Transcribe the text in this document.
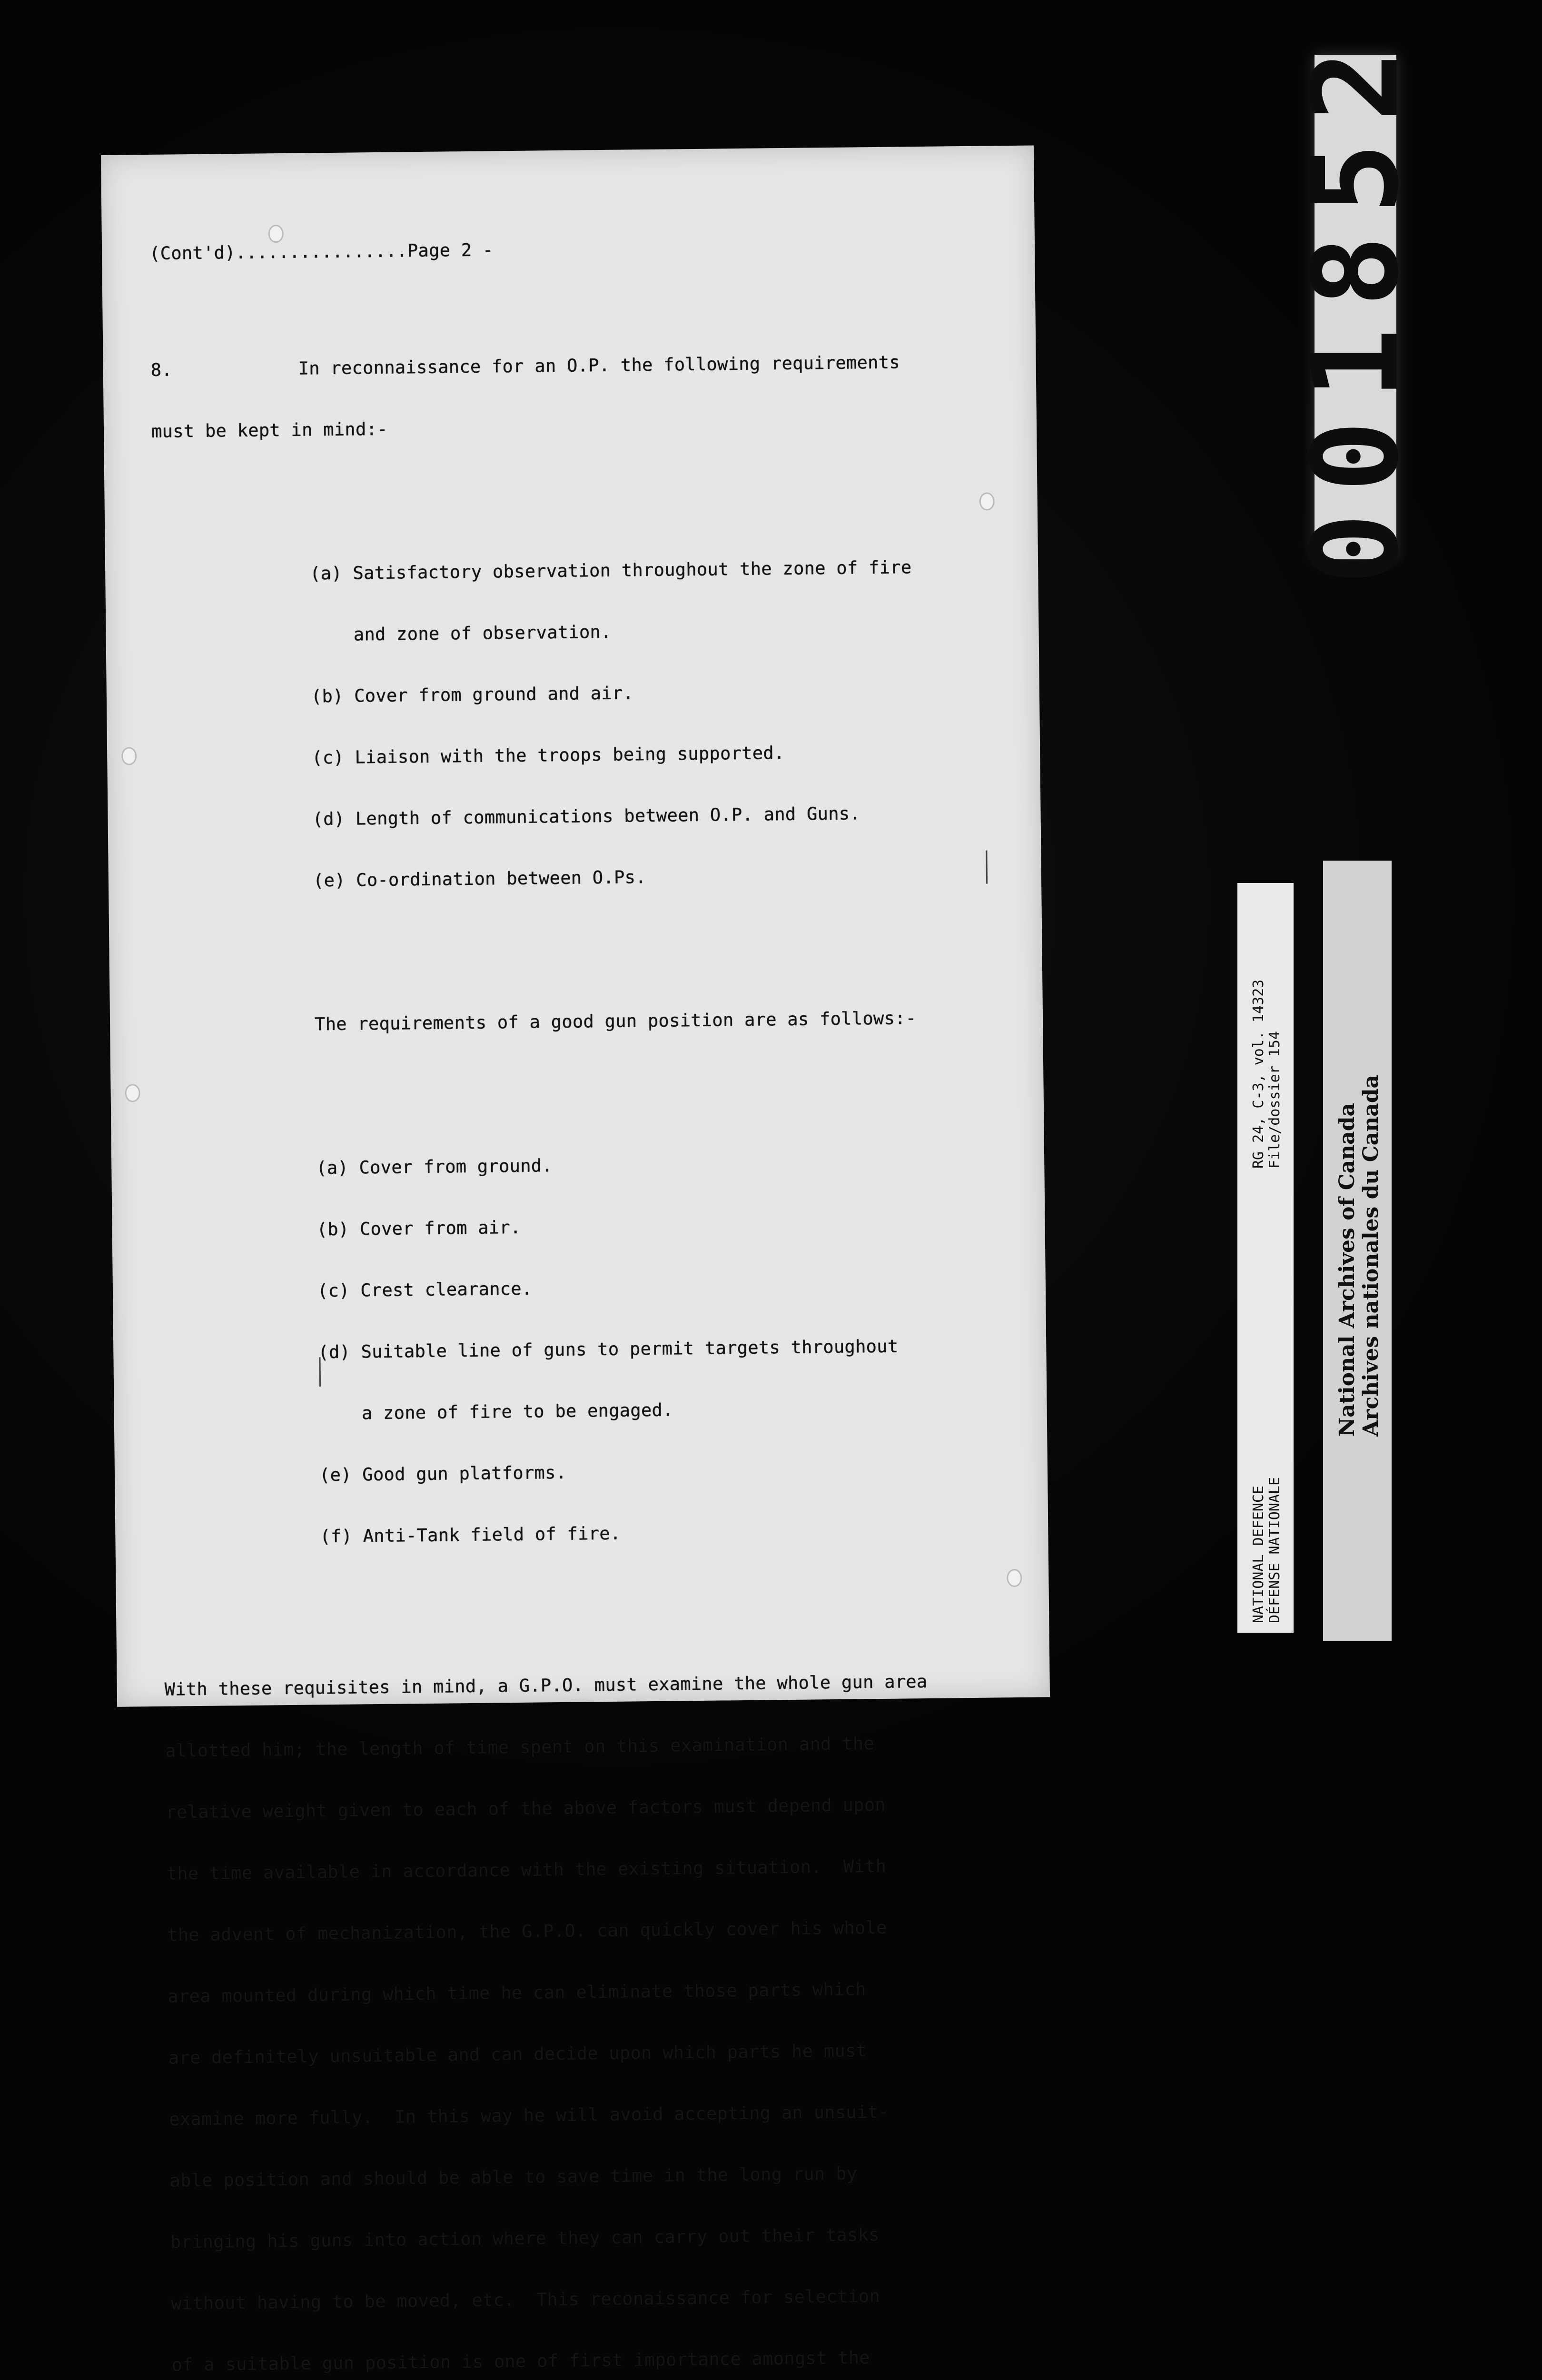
(Cont'd)................Page 2 -

8.	In reconnaissance for an O.P. the following requirements

must be kept in mind:-

(a) Satisfactory observation throughout the zone of fire

and zone of observation.

(b) Cover from ground and air.

(c) Liaison with the troops being supported.

(d) Length of communications between O.P. and Guns.

(e) Co-ordination between O.Ps.

The requirements of a good gun position are as follows:-

(a) Cover from ground.

(b) Cover from air.

(c) Crest clearance.

(d) Suitable line of guns to permit targets throughout

a zone of fire to be engaged.

(e) Good gun platforms.

(f) Anti-Tank field of fire.

With these requisites in mind, a G.P.O. must examine the whole gun area

allotted him; the length of time spent on this examination and the

relative weight given to each of the above factors must depend upon

the time available in accordance with the existing situation.  With

the advent of mechanization, the G.P.O. can quickly cover his whole

area mounted during which time he can eliminate those parts which

are definitely unsuitable and can decide upon which parts he must

examine more fully.  In this way he will avoid accepting an unsuit-

able position and should be able to save time in the long run by

bringing his guns into action where they can carry out their tasks

without having to be moved, etc.  This reconaissance for selection

of a suitable gun position is one of first importance amongst the

001852
NATIONAL DEFENCE DÉFENSE NATIONALE
RG 24, C-3, vol. 14323 File/dossier 154
National Archives of Canada Archives nationales du Canada
